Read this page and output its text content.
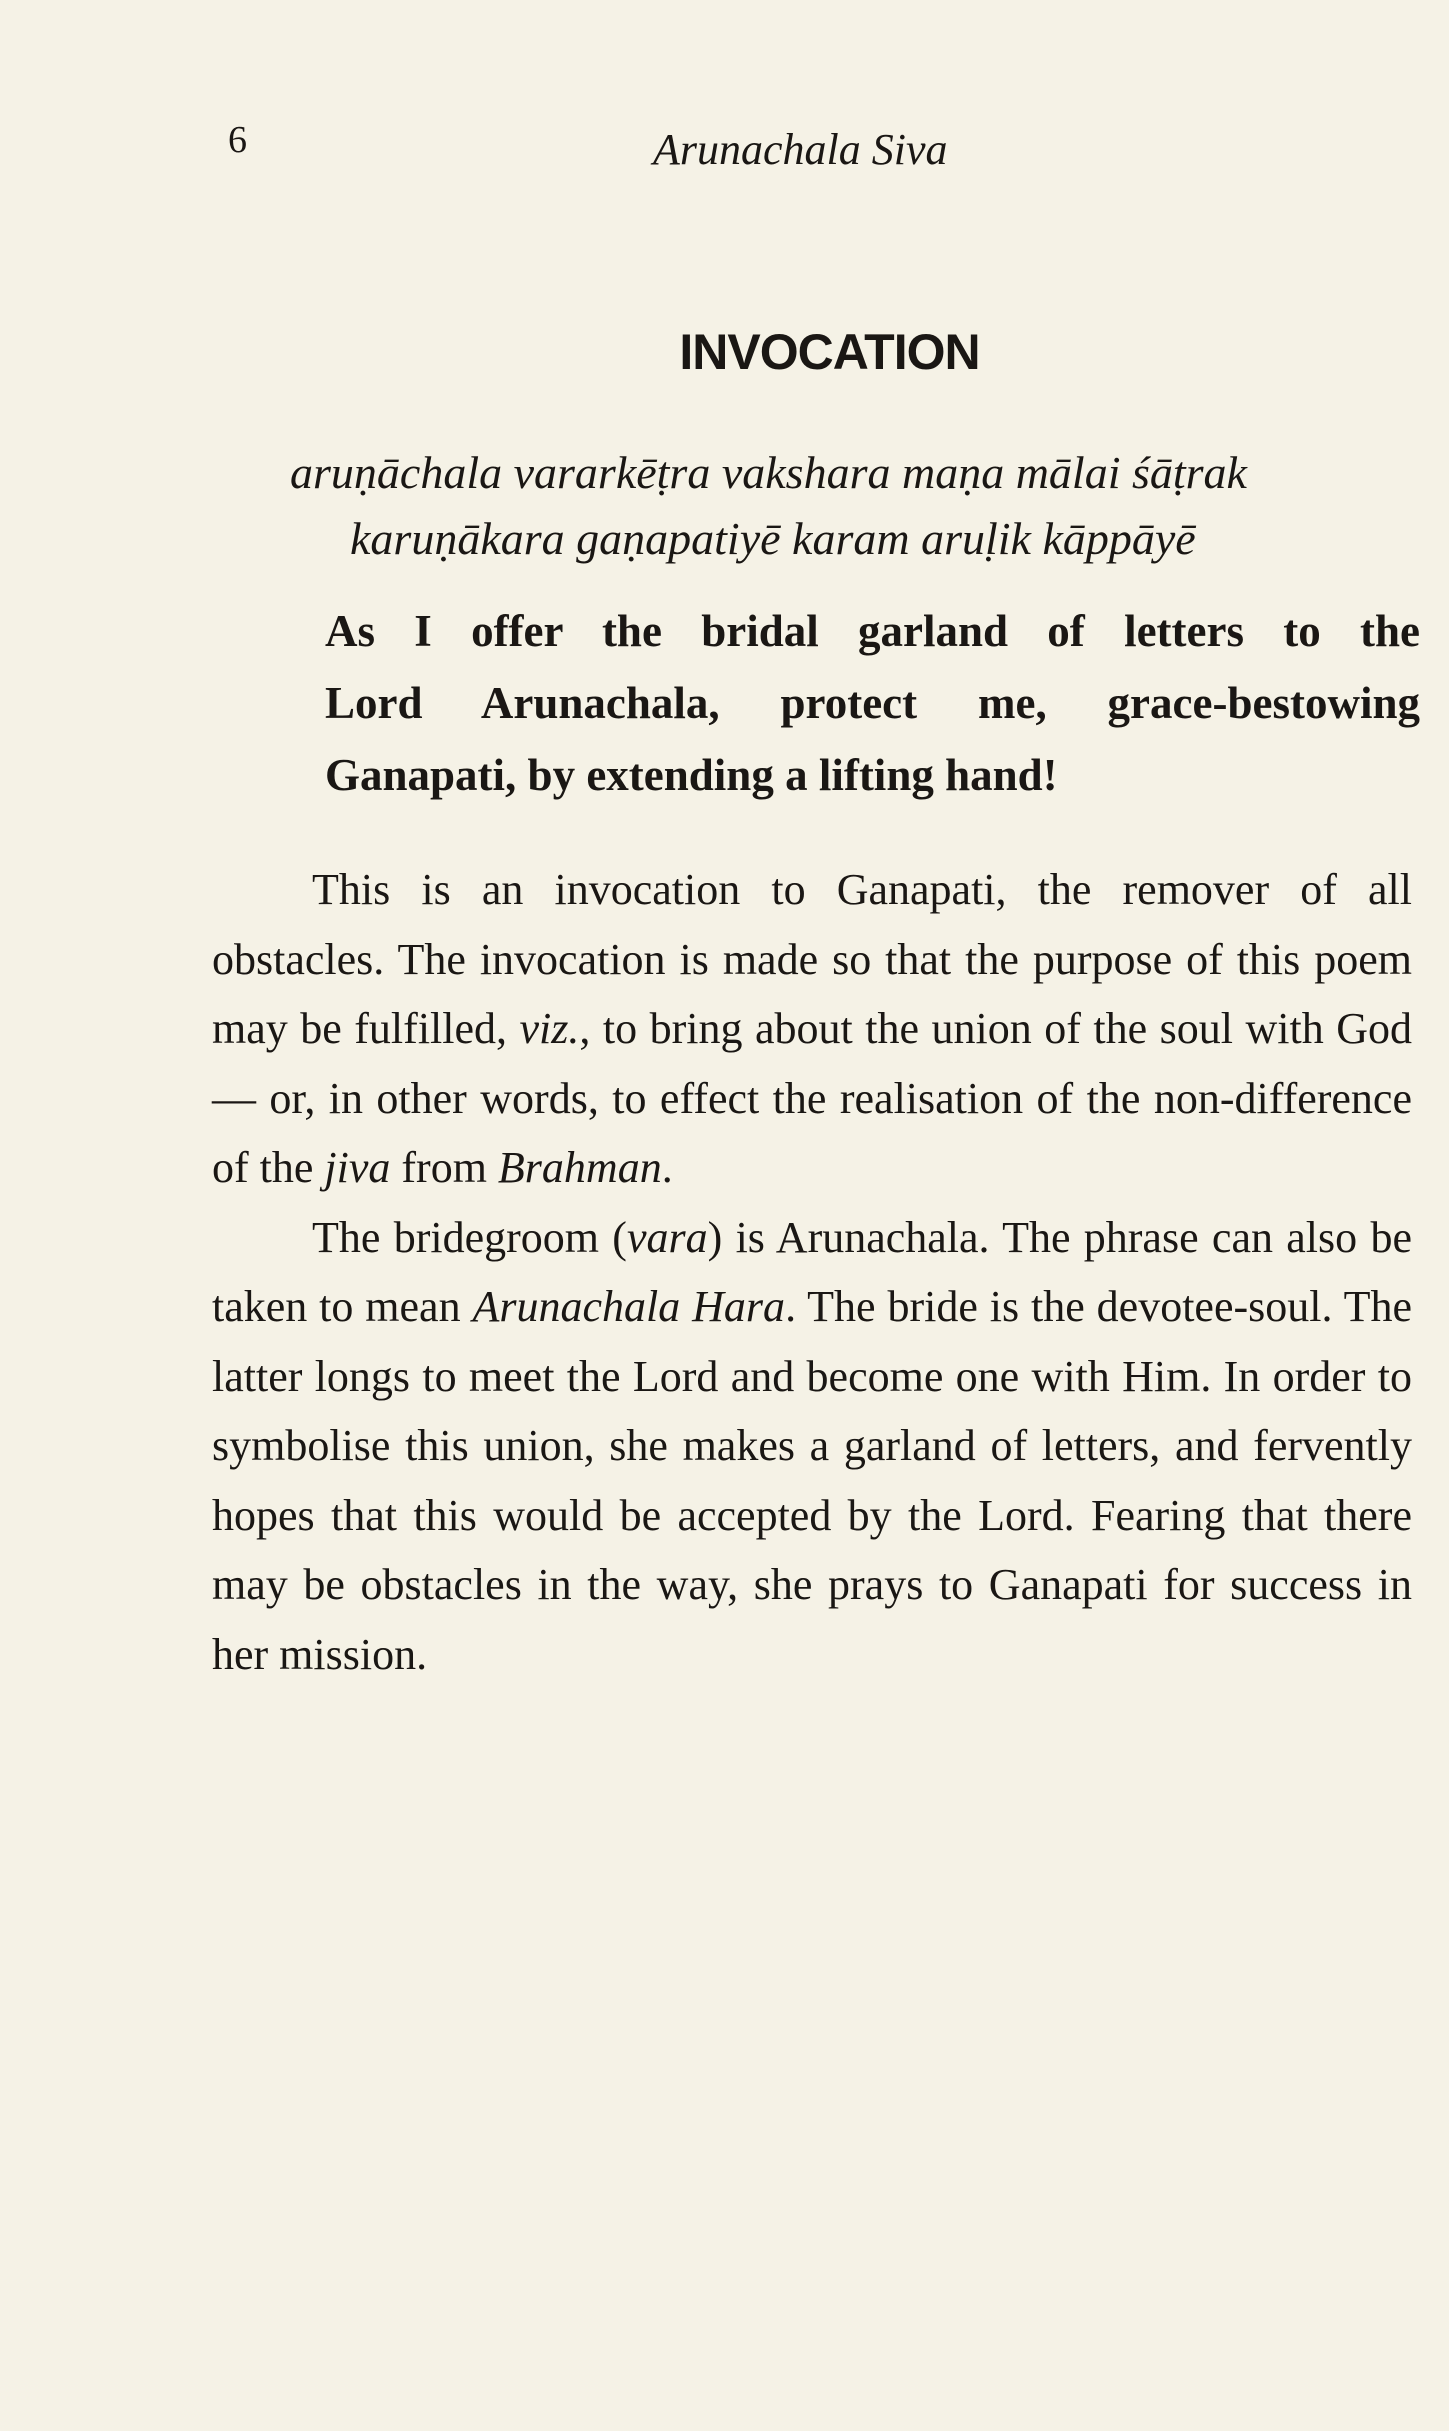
6	Arunachala Siva
INVOCATION
aruṇāchala vararkēṭra vakshara maṇa mālai śāṭrak
karuṇākara gaṇapatiyē karam aruḷik kāppāyē
As I offer the bridal garland of letters to the
Lord Arunachala, protect me, grace-bestowing
Ganapati, by extending a lifting hand!

This is an invocation to Ganapati, the remover of all obstacles. The invocation is made so that the purpose of this poem may be fulfilled, viz., to bring about the union of the soul with God — or, in other words, to effect the realisation of the non-difference of the jiva from Brahman.

The bridegroom (vara) is Arunachala. The phrase can also be taken to mean Arunachala Hara. The bride is the devotee-soul. The latter longs to meet the Lord and become one with Him. In order to symbolise this union, she makes a garland of letters, and fervently hopes that this would be accepted by the Lord. Fearing that there may be obstacles in the way, she prays to Ganapati for success in her mission.
